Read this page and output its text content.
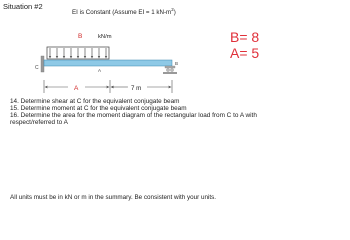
Situation #2
EI is Constant (Assume EI = 1 $kN-m^2$)
B	kN/m
C	A
B
A	7 m
B= 8
A= 5
14. Determine shear at C for the equivalent conjugate beam
15. Determine moment at C for the equivalent conjugate beam
16. Determine the area for the moment diagram of the rectangular load from C to A with
respect/referred to A
All units must be in kN or m in the summary. Be consistent with your units.
